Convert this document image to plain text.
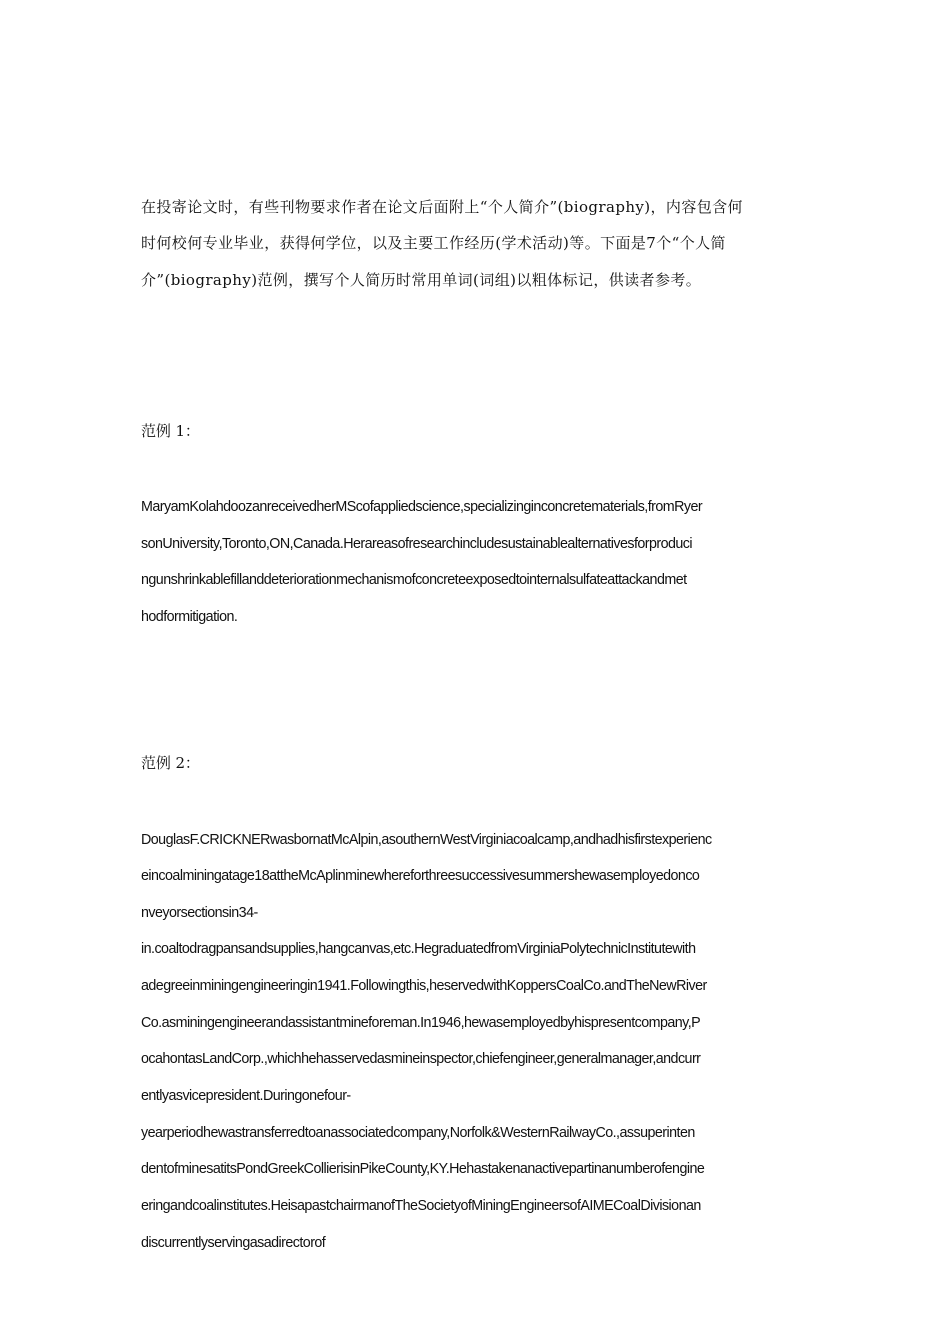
在投寄论文时，有些刊物要求作者在论文后面附上“个人简介”(biography)，内容包含何
时何校何专业毕业，获得何学位，以及主要工作经历(学术活动)等。下面是7个“个人简
介”(biography)范例，撰写个人简历时常用单词(词组)以粗体标记，供读者参考。
范例 1：
MaryamKolahdoozanreceivedherMScofappliedscience,specializinginconcretematerials,fromRyer
sonUniversity,Toronto,ON,Canada.Herareasofresearchincludesustainablealternativesforproduci
ngunshrinkablefillanddeteriorationmechanismofconcreteexposedtointernalsulfateattackandmet
hodformitigation.
范例 2：
DouglasF.CRICKNERwasbornatMcAlpin,asouthernWestVirginiacoalcamp,andhadhisfirstexperienc
eincoalminingatage18attheMcAplinminewhereforthreesuccessivesummershewasemployedonco
nveyorsectionsin34-
in.coaltodragpansandsupplies,hangcanvas,etc.HegraduatedfromVirginiaPolytechnicInstitutewith
adegreeinminingengineeringin1941.Followingthis,heservedwithKoppersCoalCo.andTheNewRiver
Co.asminingengineerandassistantmineforeman.In1946,hewasemployedbyhispresentcompany,P
ocahontasLandCorp.,whichhehasservedasmineinspector,chiefengineer,generalmanager,andcurr
entlyasvicepresident.Duringonefour-
yearperiodhewastransferredtoanassociatedcompany,Norfolk&WesternRailwayCo.,assuperinten
dentofminesatitsPondGreekCollierisinPikeCounty,KY.Hehastakenanactivepartinanumberofengine
eringandcoalinstitutes.HeisapastchairmanofTheSocietyofMiningEngineersofAIMECoalDivisionan
discurrentlyservingasadirectorof
